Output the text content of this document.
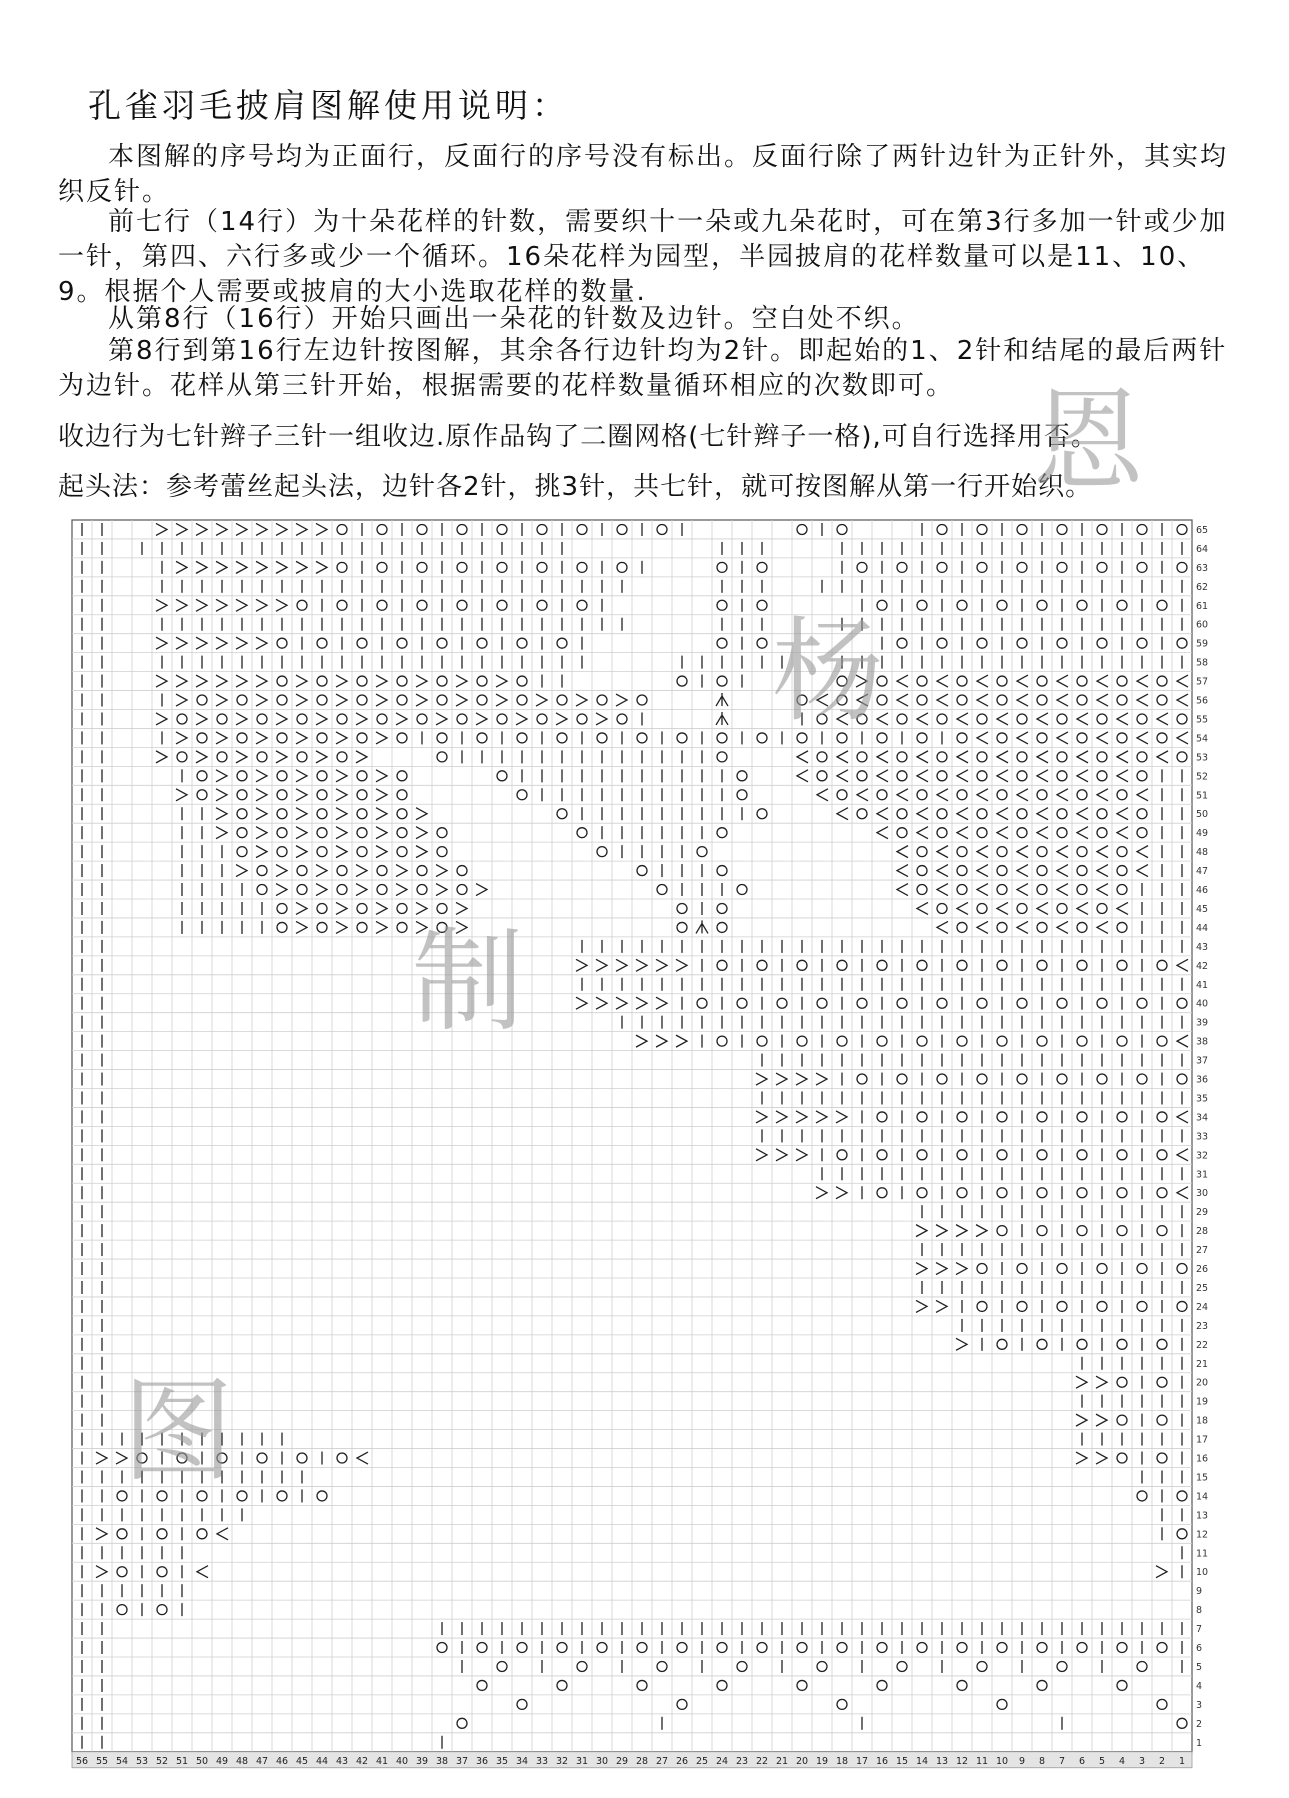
孔雀羽毛披肩图解使用说明：

本图解的序号均为正面行，反面行的序号没有标出。反面行除了两针边针为正针外，其实均织反针。

前七行（14行）为十朵花样的针数，需要织十一朵或九朵花时，可在第3行多加一针或少加一针，第四、六行多或少一个循环。16朵花样为园型，半园披肩的花样数量可以是11、10、9。根据个人需要或披肩的大小选取花样的数量.

从第8行（16行）开始只画出一朵花的针数及边针。空白处不织。

第8行到第16行左边针按图解，其余各行边针均为2针。即起始的1、2针和结尾的最后两针为边针。花样从第三针开始，根据需要的花样数量循环相应的次数即可。

收边行为七针辫子三针一组收边.原作品钩了二圈网格(七针辫子一格),可自行选择用否。

起头法：参考蕾丝起头法，边针各2针，挑3针，共七针，就可按图解从第一行开始织。

65
64
63
62
61
60
59
58
57
56
55
54
53
52
51
50
49
48
47
46
45
44
43
42
41
40
39
38
37
36
35
34
33
32
31
30
29
28
27
26
25
24
23
22
21
20
19
18
17
16
15
14
13
12
11
10
9
8
7
6
5
4
3
2
1
56 55 54 53 52 51 50 49 48 47 46 45 44 43 42 41 40 39 38 37 36 35 34 33 32 31 30 29 28 27 26 25 24 23 22 21 20 19 18 17 16 15 14 13 12 11 10 9 8 7 6 5 4 3 2 1
图
制
杨
恩
